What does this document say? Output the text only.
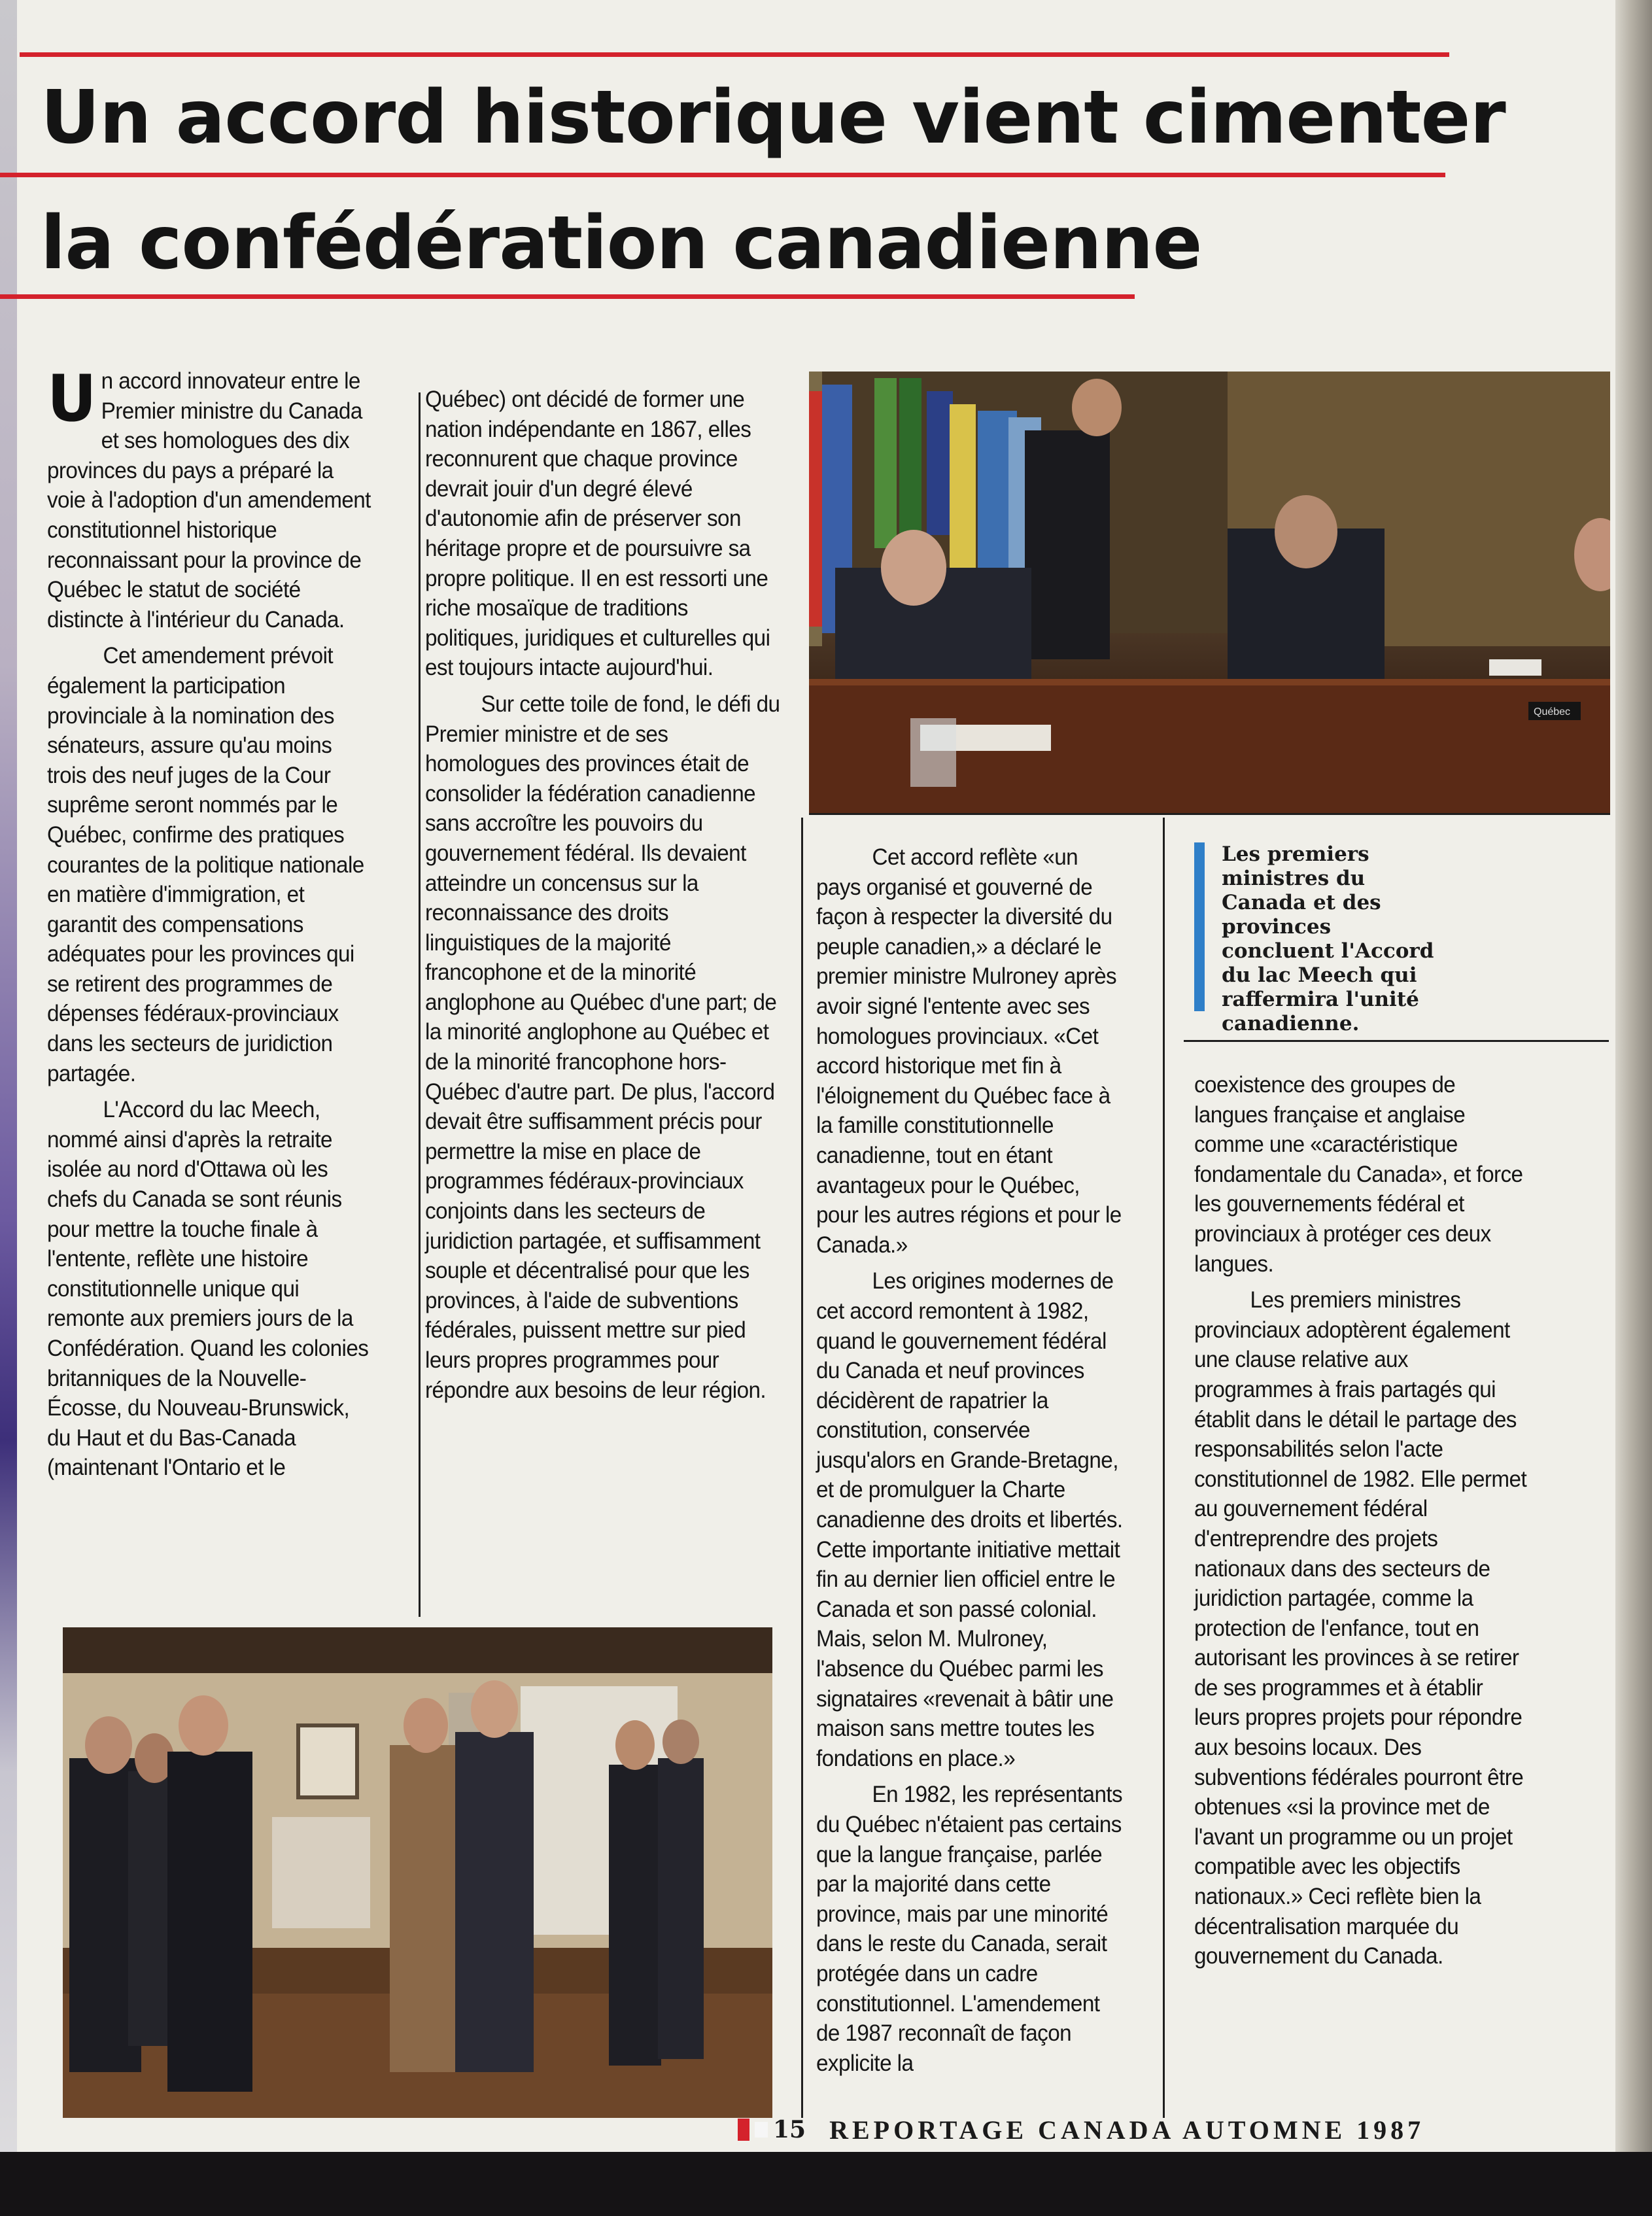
Un accord historique vient cimenter
la confédération canadienne

Un accord innovateur entre le Premier ministre du Canada et ses homologues des dix provinces du pays a préparé la voie à l'adoption d'un amendement constitutionnel historique reconnaissant pour la province de Québec le statut de société distincte à l'intérieur du Canada.

Cet amendement prévoit également la participation provinciale à la nomination des sénateurs, assure qu'au moins trois des neuf juges de la Cour suprême seront nommés par le Québec, confirme des pratiques courantes de la politique nationale en matière d'immigration, et garantit des compensations adéquates pour les provinces qui se retirent des programmes de dépenses fédéraux-provinciaux dans les secteurs de juridiction partagée.

L'Accord du lac Meech, nommé ainsi d'après la retraite isolée au nord d'Ottawa où les chefs du Canada se sont réunis pour mettre la touche finale à l'entente, reflète une histoire constitutionnelle unique qui remonte aux premiers jours de la Confédération. Quand les colonies britanniques de la Nouvelle-Écosse, du Nouveau-Brunswick, du Haut et du Bas-Canada (maintenant l'Ontario et le

Québec) ont décidé de former une nation indépendante en 1867, elles reconnurent que chaque province devrait jouir d'un degré élevé d'autonomie afin de préserver son héritage propre et de poursuivre sa propre politique. Il en est ressorti une riche mosaïque de traditions politiques, juridiques et culturelles qui est toujours intacte aujourd'hui.

Sur cette toile de fond, le défi du Premier ministre et de ses homologues des provinces était de consolider la fédération canadienne sans accroître les pouvoirs du gouvernement fédéral. Ils devaient atteindre un concensus sur la reconnaissance des droits linguistiques de la majorité francophone et de la minorité anglophone au Québec d'une part; de la minorité anglophone au Québec et de la minorité francophone hors-Québec d'autre part. De plus, l'accord devait être suffisamment précis pour permettre la mise en place de programmes fédéraux-provinciaux conjoints dans les secteurs de juridiction partagée, et suffisamment souple et décentralisé pour que les provinces, à l'aide de subventions fédérales, puissent mettre sur pied leurs propres programmes pour répondre aux besoins de leur région.

Québec

Cet accord reflète «un pays organisé et gouverné de façon à respecter la diversité du peuple canadien,» a déclaré le premier ministre Mulroney après avoir signé l'entente avec ses homologues provinciaux. «Cet accord historique met fin à l'éloignement du Québec face à la famille constitutionnelle canadienne, tout en étant avantageux pour le Québec, pour les autres régions et pour le Canada.»

Les origines modernes de cet accord remontent à 1982, quand le gouvernement fédéral du Canada et neuf provinces décidèrent de rapatrier la constitution, conservée jusqu'alors en Grande-Bretagne, et de promulguer la Charte canadienne des droits et libertés. Cette importante initiative mettait fin au dernier lien officiel entre le Canada et son passé colonial. Mais, selon M. Mulroney, l'absence du Québec parmi les signataires «revenait à bâtir une maison sans mettre toutes les fondations en place.»

En 1982, les représentants du Québec n'étaient pas certains que la langue française, parlée par la majorité dans cette province, mais par une minorité dans le reste du Canada, serait protégée dans un cadre constitutionnel. L'amendement de 1987 reconnaît de façon explicite la

Les premiers ministres du Canada et des provinces concluent l'Accord du lac Meech qui raffermira l'unité canadienne.

coexistence des groupes de langues française et anglaise comme une «caractéristique fondamentale du Canada», et force les gouvernements fédéral et provinciaux à protéger ces deux langues.

Les premiers ministres provinciaux adoptèrent également une clause relative aux programmes à frais partagés qui établit dans le détail le partage des responsabilités selon l'acte constitutionnel de 1982. Elle permet au gouvernement fédéral d'entreprendre des projets nationaux dans des secteurs de juridiction partagée, comme la protection de l'enfance, tout en autorisant les provinces à se retirer de ses programmes et à établir leurs propres projets pour répondre aux besoins locaux. Des subventions fédérales pourront être obtenues «si la province met de l'avant un programme ou un projet compatible avec les objectifs nationaux.» Ceci reflète bien la décentralisation marquée du gouvernement du Canada.

15 REPORTAGE CANADA AUTOMNE 1987
